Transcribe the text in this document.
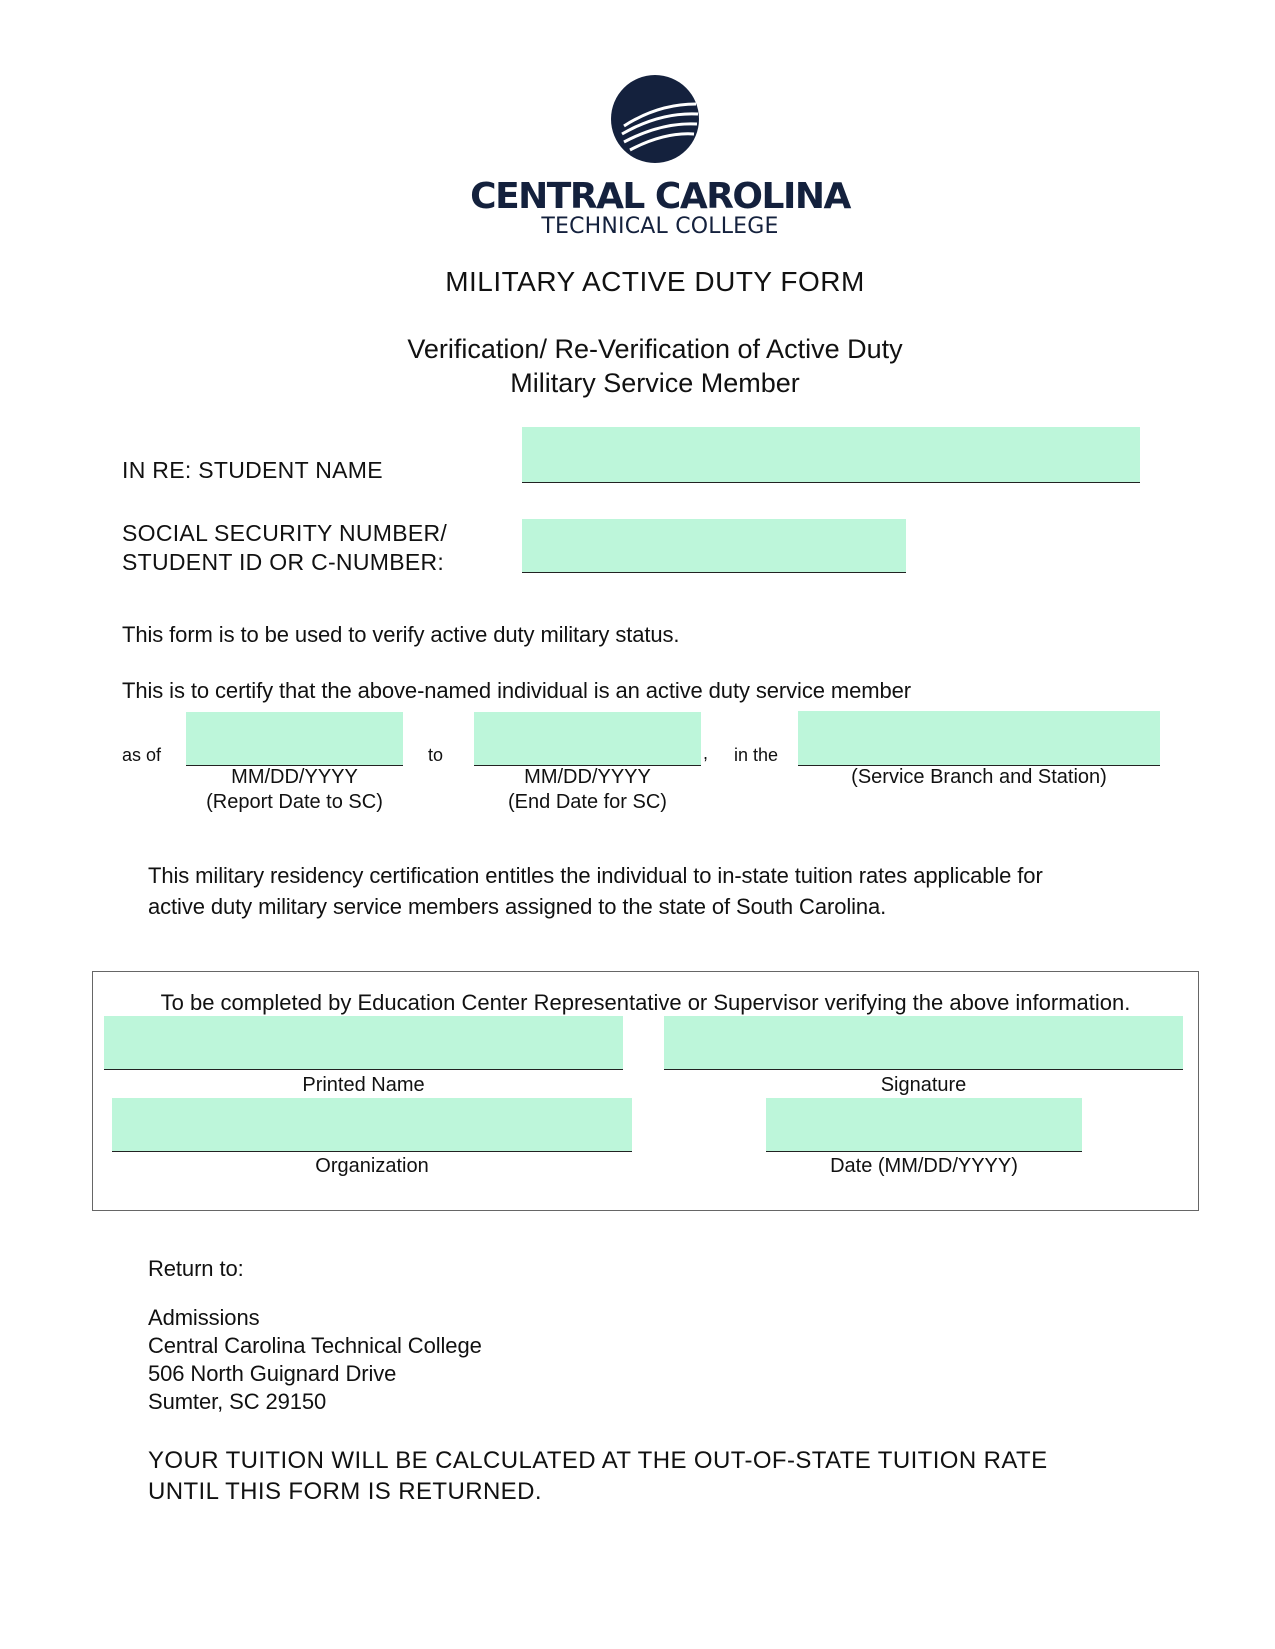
CENTRAL CAROLINA
TECHNICAL COLLEGE
MILITARY ACTIVE DUTY FORM
Verification/ Re-Verification of Active Duty
Military Service Member
IN RE: STUDENT NAME
SOCIAL SECURITY NUMBER/
STUDENT ID OR C-NUMBER:
This form is to be used to verify active duty military status.
This is to certify that the above-named individual is an active duty service member
as of
MM/DD/YYYY
(Report Date to SC)
to	,
MM/DD/YYYY
(End Date for SC)
in the
(Service Branch and Station)
This military residency certification entitles the individual to in-state tuition rates applicable for
active duty military service members assigned to the state of South Carolina.
To be completed by Education Center Representative or Supervisor verifying the above information.
Printed Name	Signature
Organization	Date (MM/DD/YYYY)
Return to:
Admissions
Central Carolina Technical College
506 North Guignard Drive
Sumter, SC 29150
YOUR TUITION WILL BE CALCULATED AT THE OUT-OF-STATE TUITION RATE
UNTIL THIS FORM IS RETURNED.
